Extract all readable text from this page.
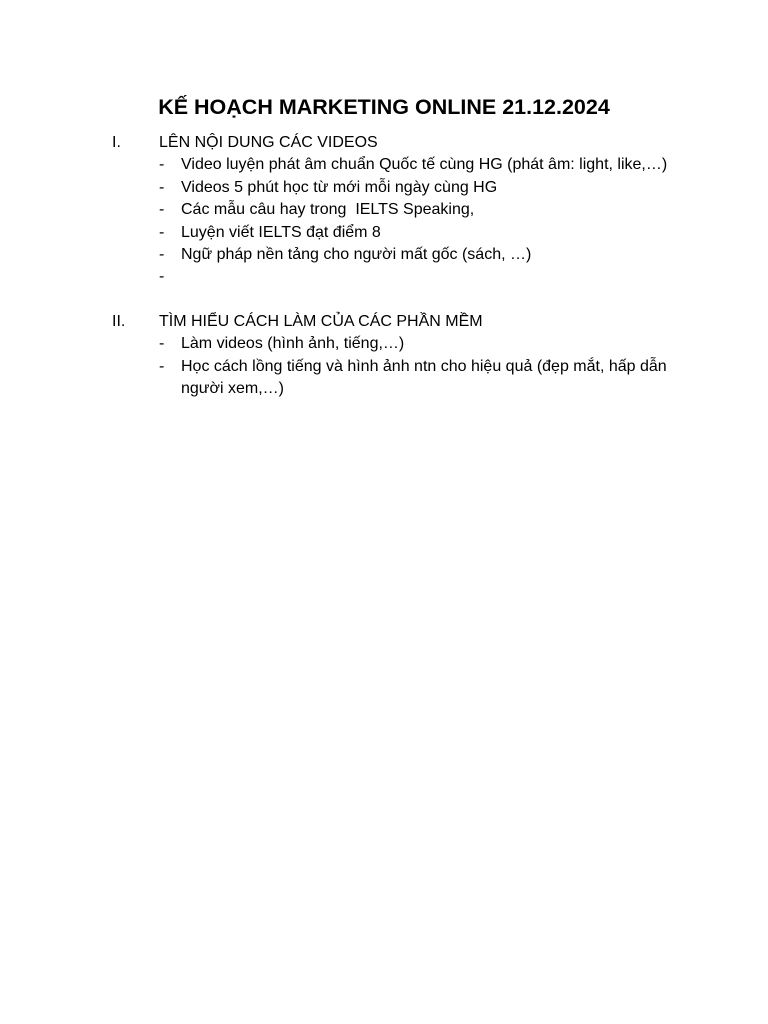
KẾ HOẠCH MARKETING ONLINE 21.12.2024
I. LÊN NỘI DUNG CÁC VIDEOS
- Video luyện phát âm chuẩn Quốc tế cùng HG (phát âm: light, like,…)
- Videos 5 phút học từ mới mỗi ngày cùng HG
- Các mẫu câu hay trong  IELTS Speaking,
- Luyện viết IELTS đạt điểm 8
- Ngữ pháp nền tảng cho người mất gốc (sách, …)
-
II. TÌM HIỂU CÁCH LÀM CỦA CÁC PHẦN MỀM
- Làm videos (hình ảnh, tiếng,…)
- Học cách lồng tiếng và hình ảnh ntn cho hiệu quả (đẹp mắt, hấp dẫn người xem,…)
